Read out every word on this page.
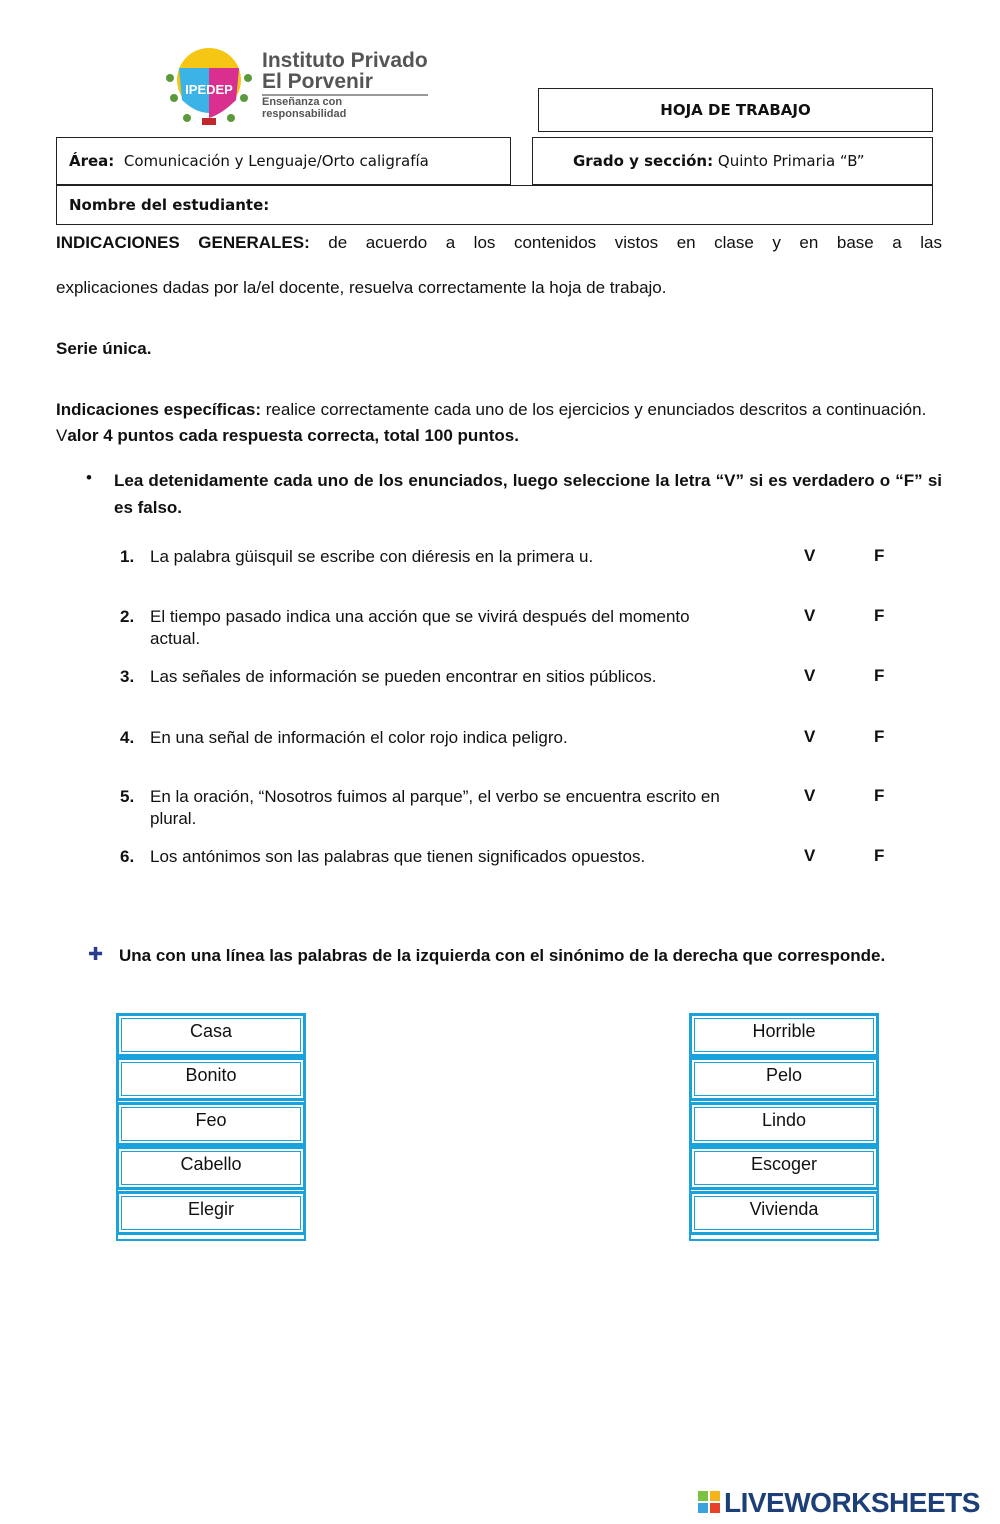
IPEDEP
Instituto Privado
El Porvenir
Enseñanza con responsabilidad	HOJA DE TRABAJO
Área:
Comunicación y Lenguaje/Orto caligrafía	Grado y sección:
Quinto Primaria “B”
Nombre del estudiante:
INDICACIONES GENERALES: de acuerdo a los contenidos vistos en clase y en base a las
explicaciones dadas por la/el docente, resuelva correctamente la hoja de trabajo.
Serie única.
Indicaciones específicas: realice correctamente cada uno de los ejercicios y enunciados descritos a continuación. Valor 4 puntos cada respuesta correcta, total 100 puntos.
• Lea detenidamente cada uno de los enunciados, luego seleccione la letra “V” si es verdadero o “F” si es falso.
1. La palabra güisquil se escribe con diéresis en la primera u.	V	F
2. El tiempo pasado indica una acción que se vivirá después del momento actual.
V	F
3. Las señales de información se pueden encontrar en sitios públicos.	V	F
4. En una señal de información el color rojo indica peligro.	V	F
5. En la oración, “Nosotros fuimos al parque”, el verbo se encuentra escrito en plural.
V	F
6. Los antónimos son las palabras que tienen significados opuestos.	V	F
✚ Una con una línea las palabras de la izquierda con el sinónimo de la derecha que corresponde.
Casa
Bonito
Feo
Cabello
Elegir
Horrible
Pelo
Lindo
Escoger
Vivienda
LIVEWORKSHEETS
